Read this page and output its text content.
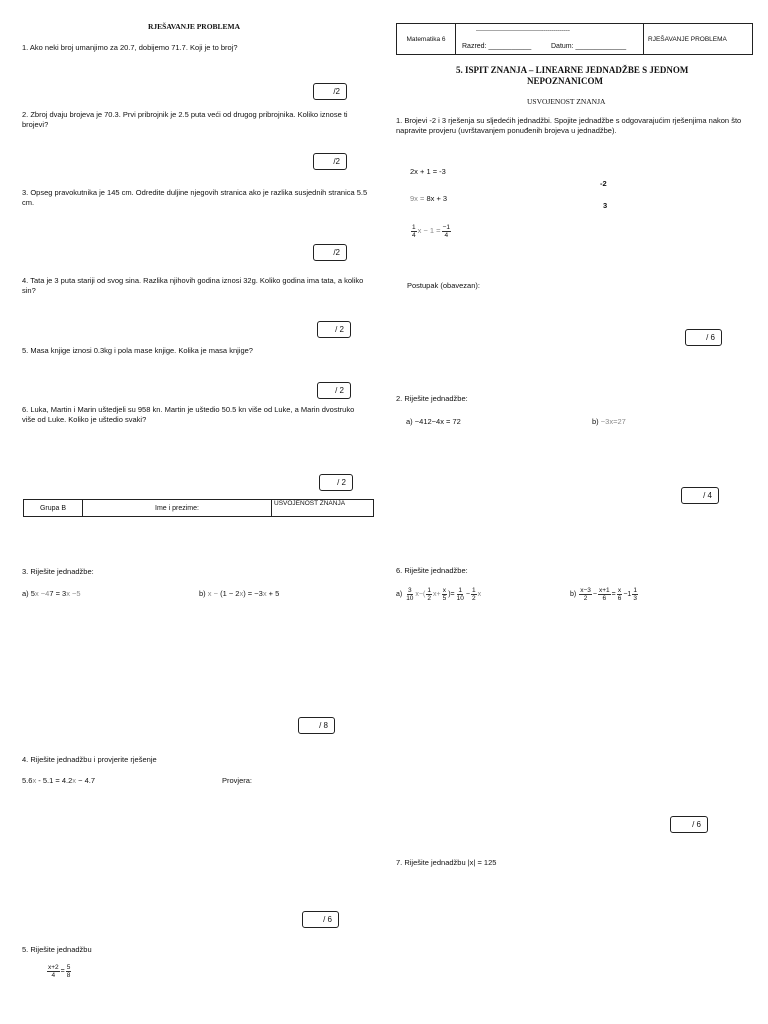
RJEŠAVANJE PROBLEMA
1. Ako neki broj umanjimo za 20.7, dobijemo 71.7. Koji je to broj?
/2
2. Zbroj dvaju brojeva je 70.3. Prvi pribrojnik je 2.5 puta veći od drugog pribrojnika. Koliko iznose ti brojevi?
/2
3. Opseg pravokutnika je 145 cm. Odredite duljine njegovih stranica ako je razlika susjednih stranica 5.5 cm.
/2
4. Tata je 3 puta stariji od svog sina. Razlika njihovih godina iznosi 32g. Koliko godina ima tata, a koliko sin?
/ 2
5. Masa knjige iznosi 0.3kg i pola mase knjige. Kolika je masa knjige?
/ 2
6. Luka, Martin i Marin uštedjeli su 958 kn. Martin je uštedio 50.5 kn više od Luke, a Marin dvostruko više od Luke. Koliko je uštedio svaki?
/ 2
Grupa B	Ime i prezime:	USVOJENOST ZNANJA
Matematika 6	
-----------------------------------------------
Razred: ___________	Datum: _____________
	RJEŠAVANJE PROBLEMA
5. ISPIT ZNANJA – LINEARNE JEDNADŽBE S JEDNOM
NEPOZNANICOM
USVOJENOST ZNANJA
1. Brojevi -2 i 3 rješenja su sljedećih jednadžbi. Spojite jednadžbe s odgovarajućim rješenjima nakon što napravite provjeru (uvrštavanjem ponuđenih brojeva u jednadžbe).
2x + 1 = -3
9x = 8x + 3
$\frac{1}{4}$ $x - 1 = \frac{-1}{4}$
-2
3
Postupak (obavezan):
/ 6
2. Riješite jednadžbe:
a) −412−4x = 72	b) −3x=27
/ 4
3. Riješite jednadžbe:
a) 5x −47 = 3x −5	b) x − (1 − 2x) = −3x + 5
/ 8
4. Riješite jednadžbu i provjerite rješenje
5.6x - 5.1 = 4.2x − 4.7	Provjera:
/ 6
5. Riješite jednadžbu
$\frac{x+2}{4} = \frac{5}{8}$
6. Riješite jednadžbe:
$a) \frac{3}{10} x-( \frac{1}{2} x+ \frac{x}{5}$ )= $\frac{1}{10} - \frac{1}{2}$ x	$b) \frac{x-3}{2} - \frac{x+1}{6} = \frac{x}{6} -1 \frac{1}{3}$
/ 6
7. Riješite jednadžbu |x| = 125
